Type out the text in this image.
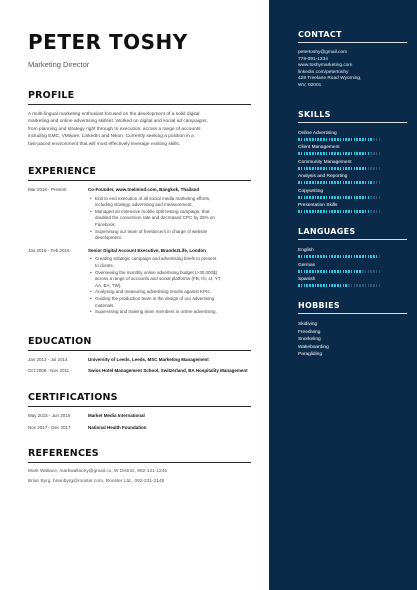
PETER TOSHY
Marketing Director
PROFILE
A multi-lingual marketing enthusiast focused on the development of a solid digital
marketing and online advertising skillset. Worked on digital and social ad campaigns,
from planning and strategy right through to execution, across a range of accounts
including EMC, VMware, LinkedIn and Nikon. Currently seeking a position in a
fast-paced environment that will most effectively leverage existing skills.
EXPERIENCE
Mar 2016 - Present	Co-Founder, www.tnelmind.com, Bangkok, Thailand
• End to end execution of all social media marketing efforts,
including strategy, advertising and measurement.
• Managed an extensive mobile split testing campaign, that
doubled the conversion rate and decreased CPC by 25% on
Facebook.
• Supervising our team of freelancers in charge of website
development.
Jan 2015 - Feb 2016	Senior Digital Account Executive, Brands2Life, London
• Creating strategic campaign and advertising briefs to present
to clients.
• Overseeing the monthly online advertising budget (>30,000$)
across a range of accounts and social platforms (FB, IG, LI, YT,
AA, BA, TW).
• Analysing and measuring advertising results against KPIs.
• Guiding the production team in the design of our advertising
materials.
• Supervising and training team members in online advertising.
EDUCATION
Jan 2013 - Jul 2014	University of Leeds, Leeds, MSC Marketing Management
Oct 2008 - Nov 2011	Swiss Hotel Management School, Switzerland, BA Hospitality Management
CERTIFICATIONS
May 2015 - Jun 2015	Market Media International
Nov 2017 - Dec 2017	National Health Foundation
REFERENCES
Mark Wallace, markwallacey@gmail.co, W District, 992-121-1245
Brian Byrg, brianbyrg@rooster.com, Rooster Ltd., 092-231-2145
CONTACT
petertoshy@gmail.com
779-091-1234
www.toshymarketing.com
linkedin.com/petertoshy
428 Treelane Road Wyoming,
WV, 02001
SKILLS
Online Advertising
Client Management
Community Management
Analysis and Reporting
Copywriting
Presentation Skills
LANGUAGES
English
German
Spanish
HOBBIES
Skidiving
Freediving
Snorkeling
Wakeboarding
Paragliding
